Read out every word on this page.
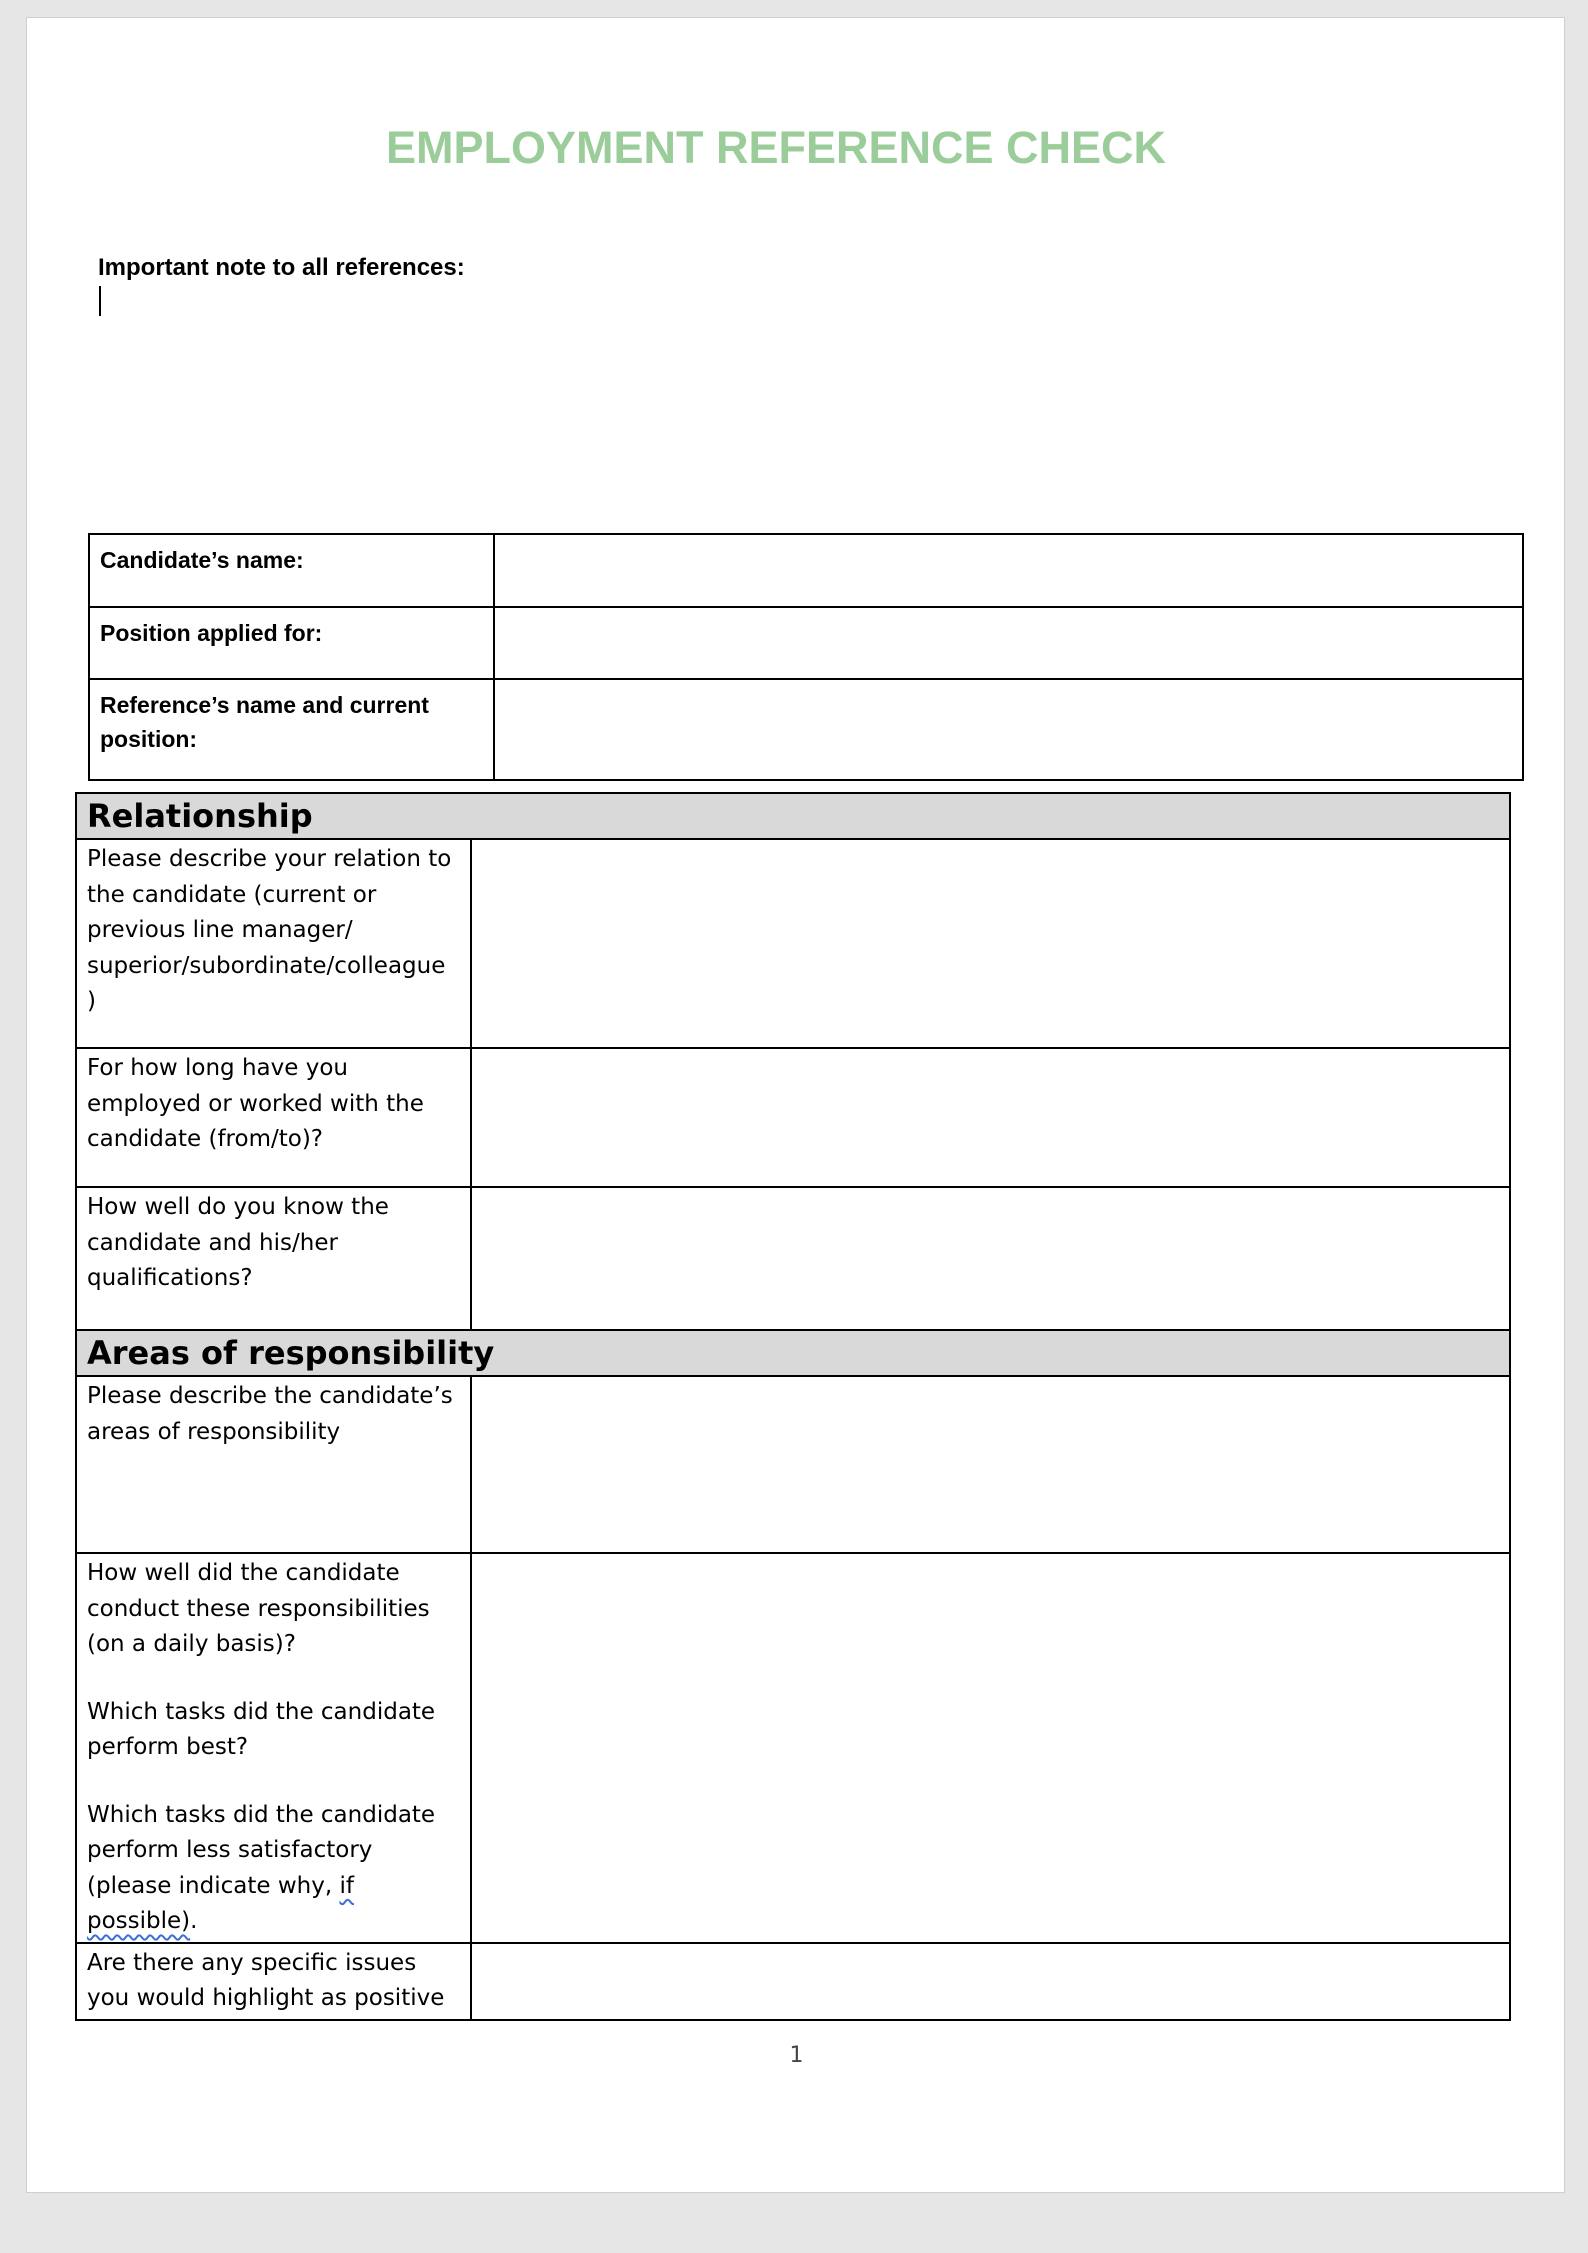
EMPLOYMENT REFERENCE CHECK
Important note to all references:
Candidate’s name:	
Position applied for:	
Reference’s name and current position:	
Relationship	
Please describe your relation to the candidate (current or previous line manager/ superior/subordinate/colleague )	
For how long have you employed or worked with the candidate (from/to)?	
How well do you know the candidate and his/her qualifications?	
Areas of responsibility	
Please describe the candidate’s areas of responsibility	

How well did the candidate conduct these responsibilities (on a daily basis)?

Which tasks did the candidate perform best?

Which tasks did the candidate perform less satisfactory (please indicate why, if possible).	

Are there any specific issues you would highlight as positive	
1
